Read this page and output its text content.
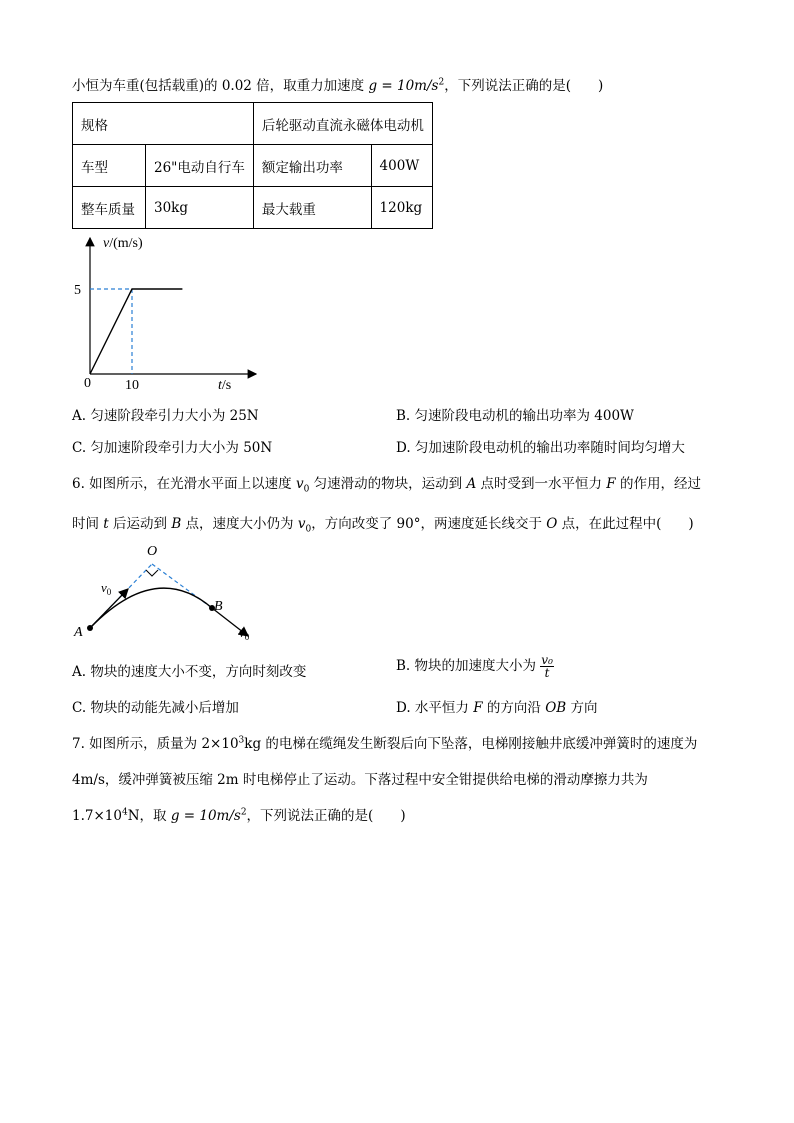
小恒为车重(包括载重)的 0.02 倍，取重力加速度 $g = 10m/s^2$，下列说法正确的是(　　)
规格		后轮驱动直流永磁体电动机	
车型	26"电动自行车	额定输出功率	400W
整车质量	30kg	最大载重	120kg
v/(m/s)
5
10
0	t/s
A. 匀速阶段牵引力大小为 25N	B. 匀速阶段电动机的输出功率为 400W
C. 匀加速阶段牵引力大小为 50N	D. 匀加速阶段电动机的输出功率随时间均匀增大
6. 如图所示，在光滑水平面上以速度 $v_0$ 匀速滑动的物块，运动到 A 点时受到一水平恒力 F 的作用，经过
时间 t 后运动到 B 点，速度大小仍为 $v_0$，方向改变了 90°，两速度延长线交于 O 点，在此过程中(　　)
O
A
B
$v_0$
$v_0$
A. 物块的速度大小不变，方向时刻改变	B. 物块的加速度大小为 $\frac{\text{v₀}}{t}$
C. 物块的动能先减小后增加	D. 水平恒力 F 的方向沿 OB 方向
7. 如图所示，质量为 $2\times 10^3kg$ 的电梯在缆绳发生断裂后向下坠落，电梯刚接触井底缓冲弹簧时的速度为
4m/s，缓冲弹簧被压缩 2m 时电梯停止了运动。下落过程中安全钳提供给电梯的滑动摩擦力共为
$1.7\times 10^4N$，取 $g = 10m/s^2$，下列说法正确的是(　　)
